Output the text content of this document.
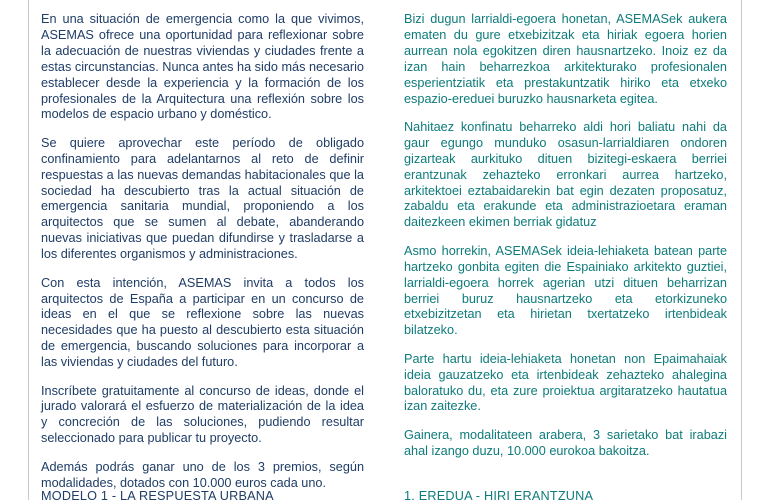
En una situación de emergencia como la que vivimos, ASEMAS ofrece una oportunidad para reflexionar sobre la adecuación de nuestras viviendas y ciudades frente a estas circunstancias. Nunca antes ha sido más necesario establecer desde la experiencia y la formación de los profesionales de la Arquitectura una reflexión sobre los modelos de espacio urbano y doméstico.

Se quiere aprovechar este período de obligado confinamiento para adelantarnos al reto de definir respuestas a las nuevas demandas habitacionales que la sociedad ha descubierto tras la actual situación de emergencia sanitaria mundial, proponiendo a los arquitectos que se sumen al debate, abanderando nuevas iniciativas que puedan difundirse y trasladarse a los diferentes organismos y administraciones.

Con esta intención, ASEMAS invita a todos los arquitectos de España a participar en un concurso de ideas en el que se reflexione sobre las nuevas necesidades que ha puesto al descubierto esta situación de emergencia, buscando soluciones para incorporar a las viviendas y ciudades del futuro.

Inscríbete gratuitamente al concurso de ideas, donde el jurado valorará el esfuerzo de materialización de la idea y concreción de las soluciones, pudiendo resultar seleccionado para publicar tu proyecto.

Además podrás ganar uno de los 3 premios, según modalidades, dotados con 10.000 euros cada uno.

Bizi dugun larrialdi-egoera honetan, ASEMASek aukera ematen du gure etxebizitzak eta hiriak egoera horien aurrean nola egokitzen diren hausnartzeko. Inoiz ez da izan hain beharrezkoa arkitekturako profesionalen esperientziatik eta prestakuntzatik hiriko eta etxeko espazio-ereduei buruzko hausnarketa egitea.

Nahitaez konfinatu beharreko aldi hori baliatu nahi da gaur egungo munduko osasun-larrialdiaren ondoren gizarteak aurkituko dituen bizitegi-eskaera berriei erantzunak zehazteko erronkari aurrea hartzeko, arkitektoei eztabaidarekin bat egin dezaten proposatuz, zabaldu eta erakunde eta administrazioetara eraman daitezkeen ekimen berriak gidatuz

Asmo horrekin, ASEMASek ideia-lehiaketa batean parte hartzeko gonbita egiten die Espainiako arkitekto guztiei, larrialdi-egoera horrek agerian utzi dituen beharrizan berriei buruz hausnartzeko eta etorkizuneko etxebizitzetan eta hirietan txertatzeko irtenbideak bilatzeko.

Parte hartu ideia-lehiaketa honetan non Epaimahaiak ideia gauzatzeko eta irtenbideak zehazteko ahalegina baloratuko du, eta zure proiektua argitaratzeko hautatua izan zaitezke.

Gainera, modalitateen arabera, 3 sarietako bat irabazi ahal izango duzu, 10.000 eurokoa bakoitza.

MODELO 1 - LA RESPUESTA URBANA	1. EREDUA - HIRI ERANTZUNA
